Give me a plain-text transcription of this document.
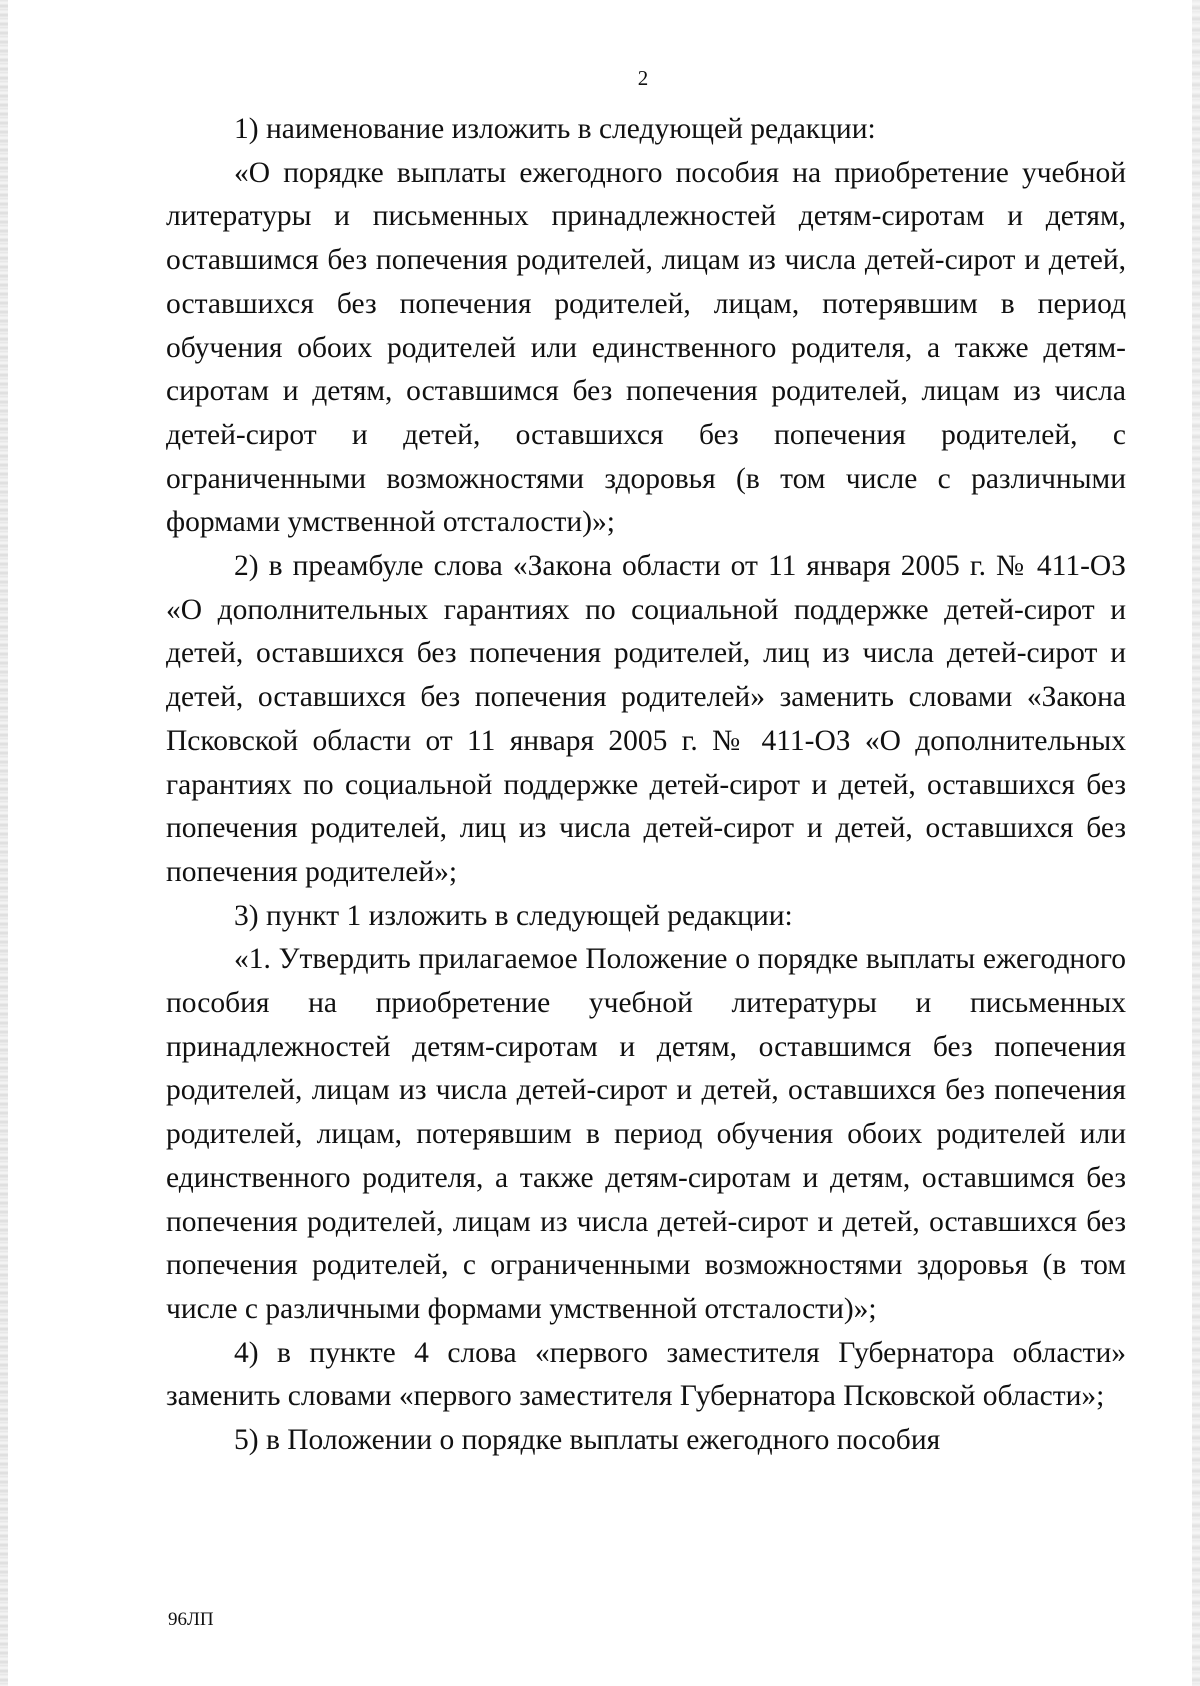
2

1) наименование изложить в следующей редакции:

«О порядке выплаты ежегодного пособия на приобретение учебной литературы и письменных принадлежностей детям-сиротам и детям, оставшимся без попечения родителей, лицам из числа детей-сирот и детей, оставшихся без попечения родителей, лицам, потерявшим в период обучения обоих родителей или единственного родителя, а также детям-сиротам и детям, оставшимся без попечения родителей, лицам из числа детей-сирот и детей, оставшихся без попечения родителей, с ограниченными возможностями здоровья (в том числе с различными формами умственной отсталости)»;

2) в преамбуле слова «Закона области от 11 января 2005 г. № 411-ОЗ «О дополнительных гарантиях по социальной поддержке детей-сирот и детей, оставшихся без попечения родителей, лиц из числа детей-сирот и детей, оставшихся без попечения родителей» заменить словами «Закона Псковской области от 11 января 2005 г. № 411-ОЗ «О дополнительных гарантиях по социальной поддержке детей-сирот и детей, оставшихся без попечения родителей, лиц из числа детей-сирот и детей, оставшихся без попечения родителей»;

3) пункт 1 изложить в следующей редакции:

«1. Утвердить прилагаемое Положение о порядке выплаты ежегодного пособия на приобретение учебной литературы и письменных принадлежностей детям-сиротам и детям, оставшимся без попечения родителей, лицам из числа детей-сирот и детей, оставшихся без попечения родителей, лицам, потерявшим в период обучения обоих родителей или единственного родителя, а также детям-сиротам и детям, оставшимся без попечения родителей, лицам из числа детей-сирот и детей, оставшихся без попечения родителей, с ограниченными возможностями здоровья (в том числе с различными формами умственной отсталости)»;

4) в пункте 4 слова «первого заместителя Губернатора области» заменить словами «первого заместителя Губернатора Псковской области»;

5) в Положении о порядке выплаты ежегодного пособия

96ЛП
